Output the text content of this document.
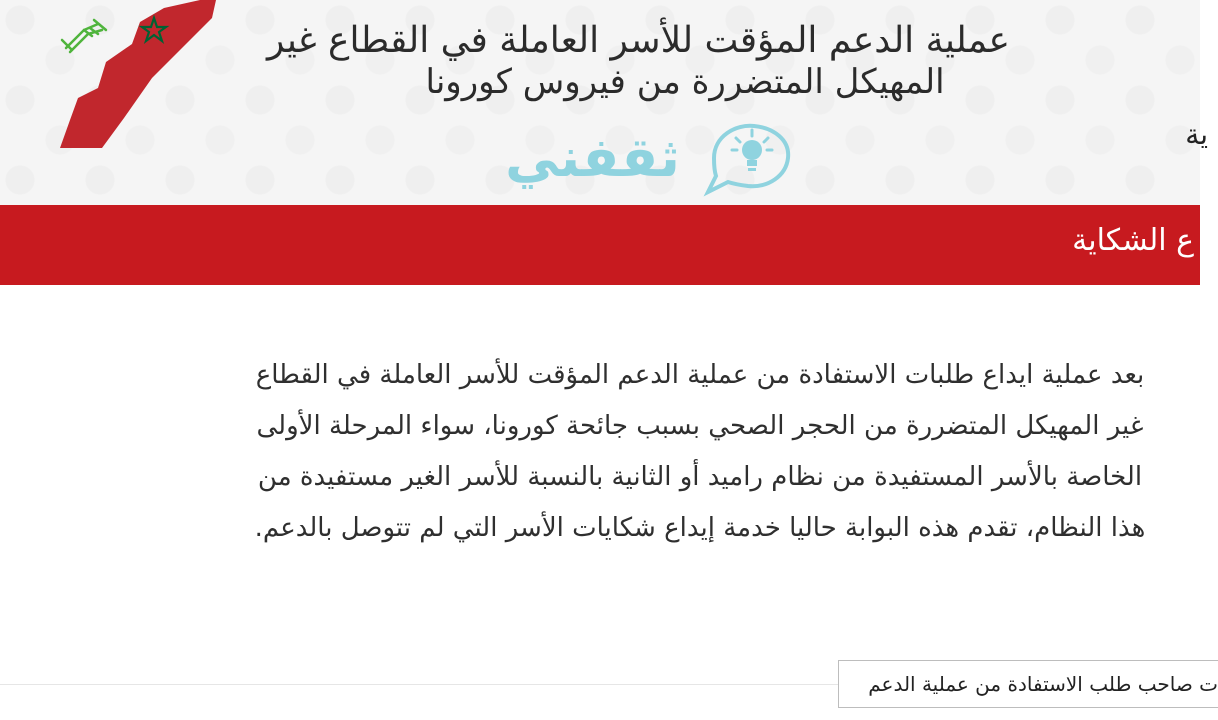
عملية الدعم المؤقت للأسر العاملة في القطاع غير
المهيكل المتضررة من فيروس كورونا
ية
ثقفني
ع الشكاية

بعد عملية ايداع طلبات الاستفادة من عملية الدعم المؤقت للأسر العاملة في القطاع غير المهيكل المتضررة من الحجر الصحي بسبب جائحة كورونا، سواء المرحلة الأولى الخاصة بالأسر المستفيدة من نظام راميد أو الثانية بالنسبة للأسر الغير مستفيدة من هذا النظام، تقدم هذه البوابة حاليا خدمة إيداع شكايات الأسر التي لم تتوصل بالدعم.

ت صاحب طلب الاستفادة من عملية الدعم
